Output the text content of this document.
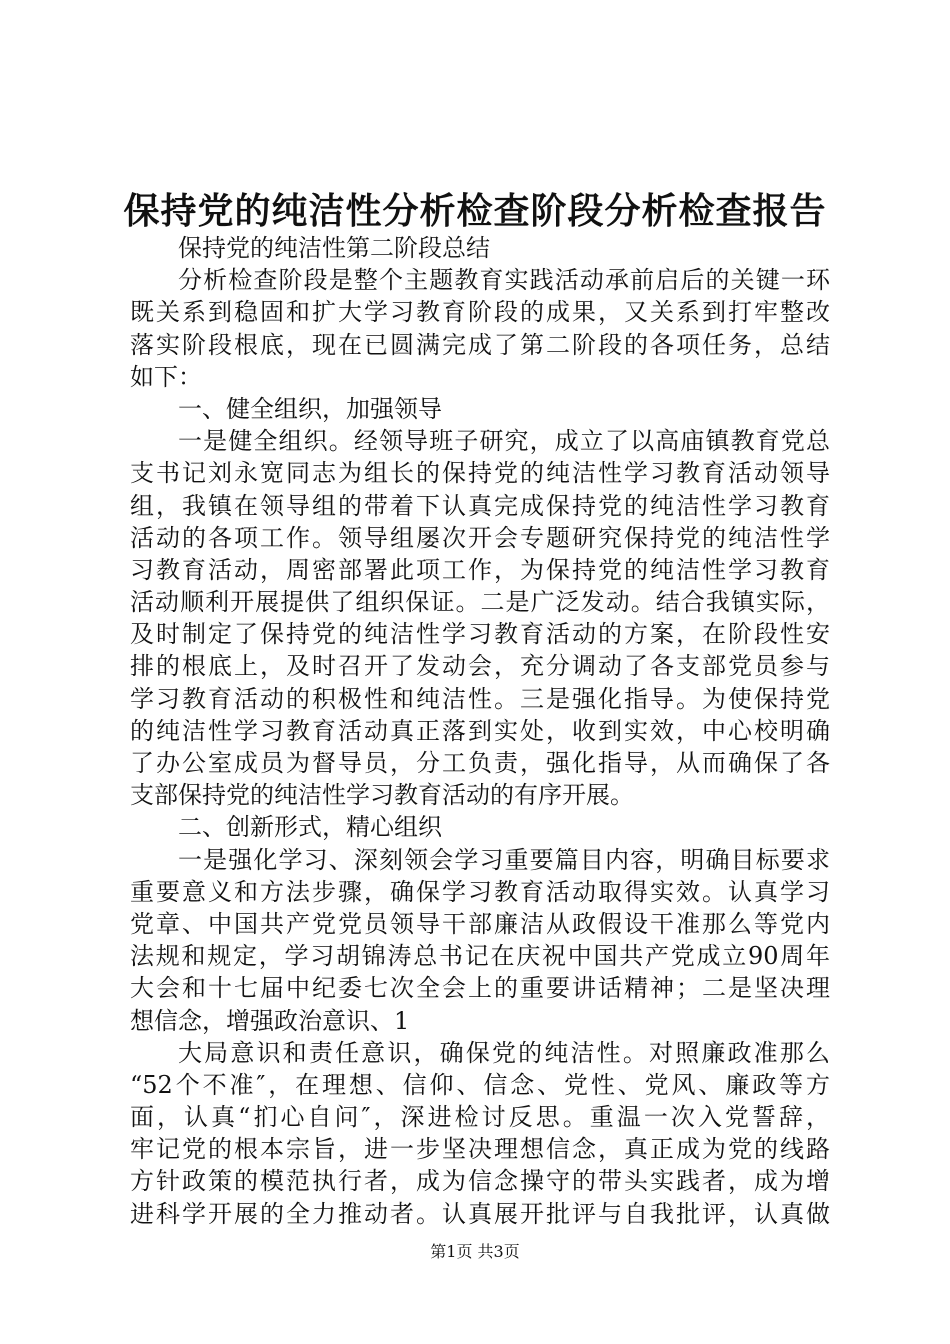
保持党的纯洁性分析检查阶段分析检查报告
保持党的纯洁性第二阶段总结
分析检查阶段是整个主题教育实践活动承前启后的关键一环
既关系到稳固和扩大学习教育阶段的成果，又关系到打牢整改
落实阶段根底，现在已圆满完成了第二阶段的各项任务，总结
如下：
一、健全组织，加强领导
一是健全组织。经领导班子研究，成立了以高庙镇教育党总
支书记刘永宽同志为组长的保持党的纯洁性学习教育活动领导
组，我镇在领导组的带着下认真完成保持党的纯洁性学习教育
活动的各项工作。领导组屡次开会专题研究保持党的纯洁性学
习教育活动，周密部署此项工作，为保持党的纯洁性学习教育
活动顺利开展提供了组织保证。二是广泛发动。结合我镇实际，
及时制定了保持党的纯洁性学习教育活动的方案，在阶段性安
排的根底上，及时召开了发动会，充分调动了各支部党员参与
学习教育活动的积极性和纯洁性。三是强化指导。为使保持党
的纯洁性学习教育活动真正落到实处，收到实效，中心校明确
了办公室成员为督导员，分工负责，强化指导，从而确保了各
支部保持党的纯洁性学习教育活动的有序开展。
二、创新形式，精心组织
一是强化学习、深刻领会学习重要篇目内容，明确目标要求
重要意义和方法步骤，确保学习教育活动取得实效。认真学习
党章、中国共产党党员领导干部廉洁从政假设干准那么等党内
法规和规定，学习胡锦涛总书记在庆祝中国共产党成立90周年
大会和十七届中纪委七次全会上的重要讲话精神；二是坚决理
想信念，增强政治意识、1
大局意识和责任意识，确保党的纯洁性。对照廉政准那么
“52个不准″，在理想、信仰、信念、党性、党风、廉政等方
面，认真“扪心自问″，深进检讨反思。重温一次入党誓辞，
牢记党的根本宗旨，进一步坚决理想信念，真正成为党的线路
方针政策的模范执行者，成为信念操守的带头实践者，成为增
进科学开展的全力推动者。认真展开批评与自我批评，认真做
第1页 共3页
